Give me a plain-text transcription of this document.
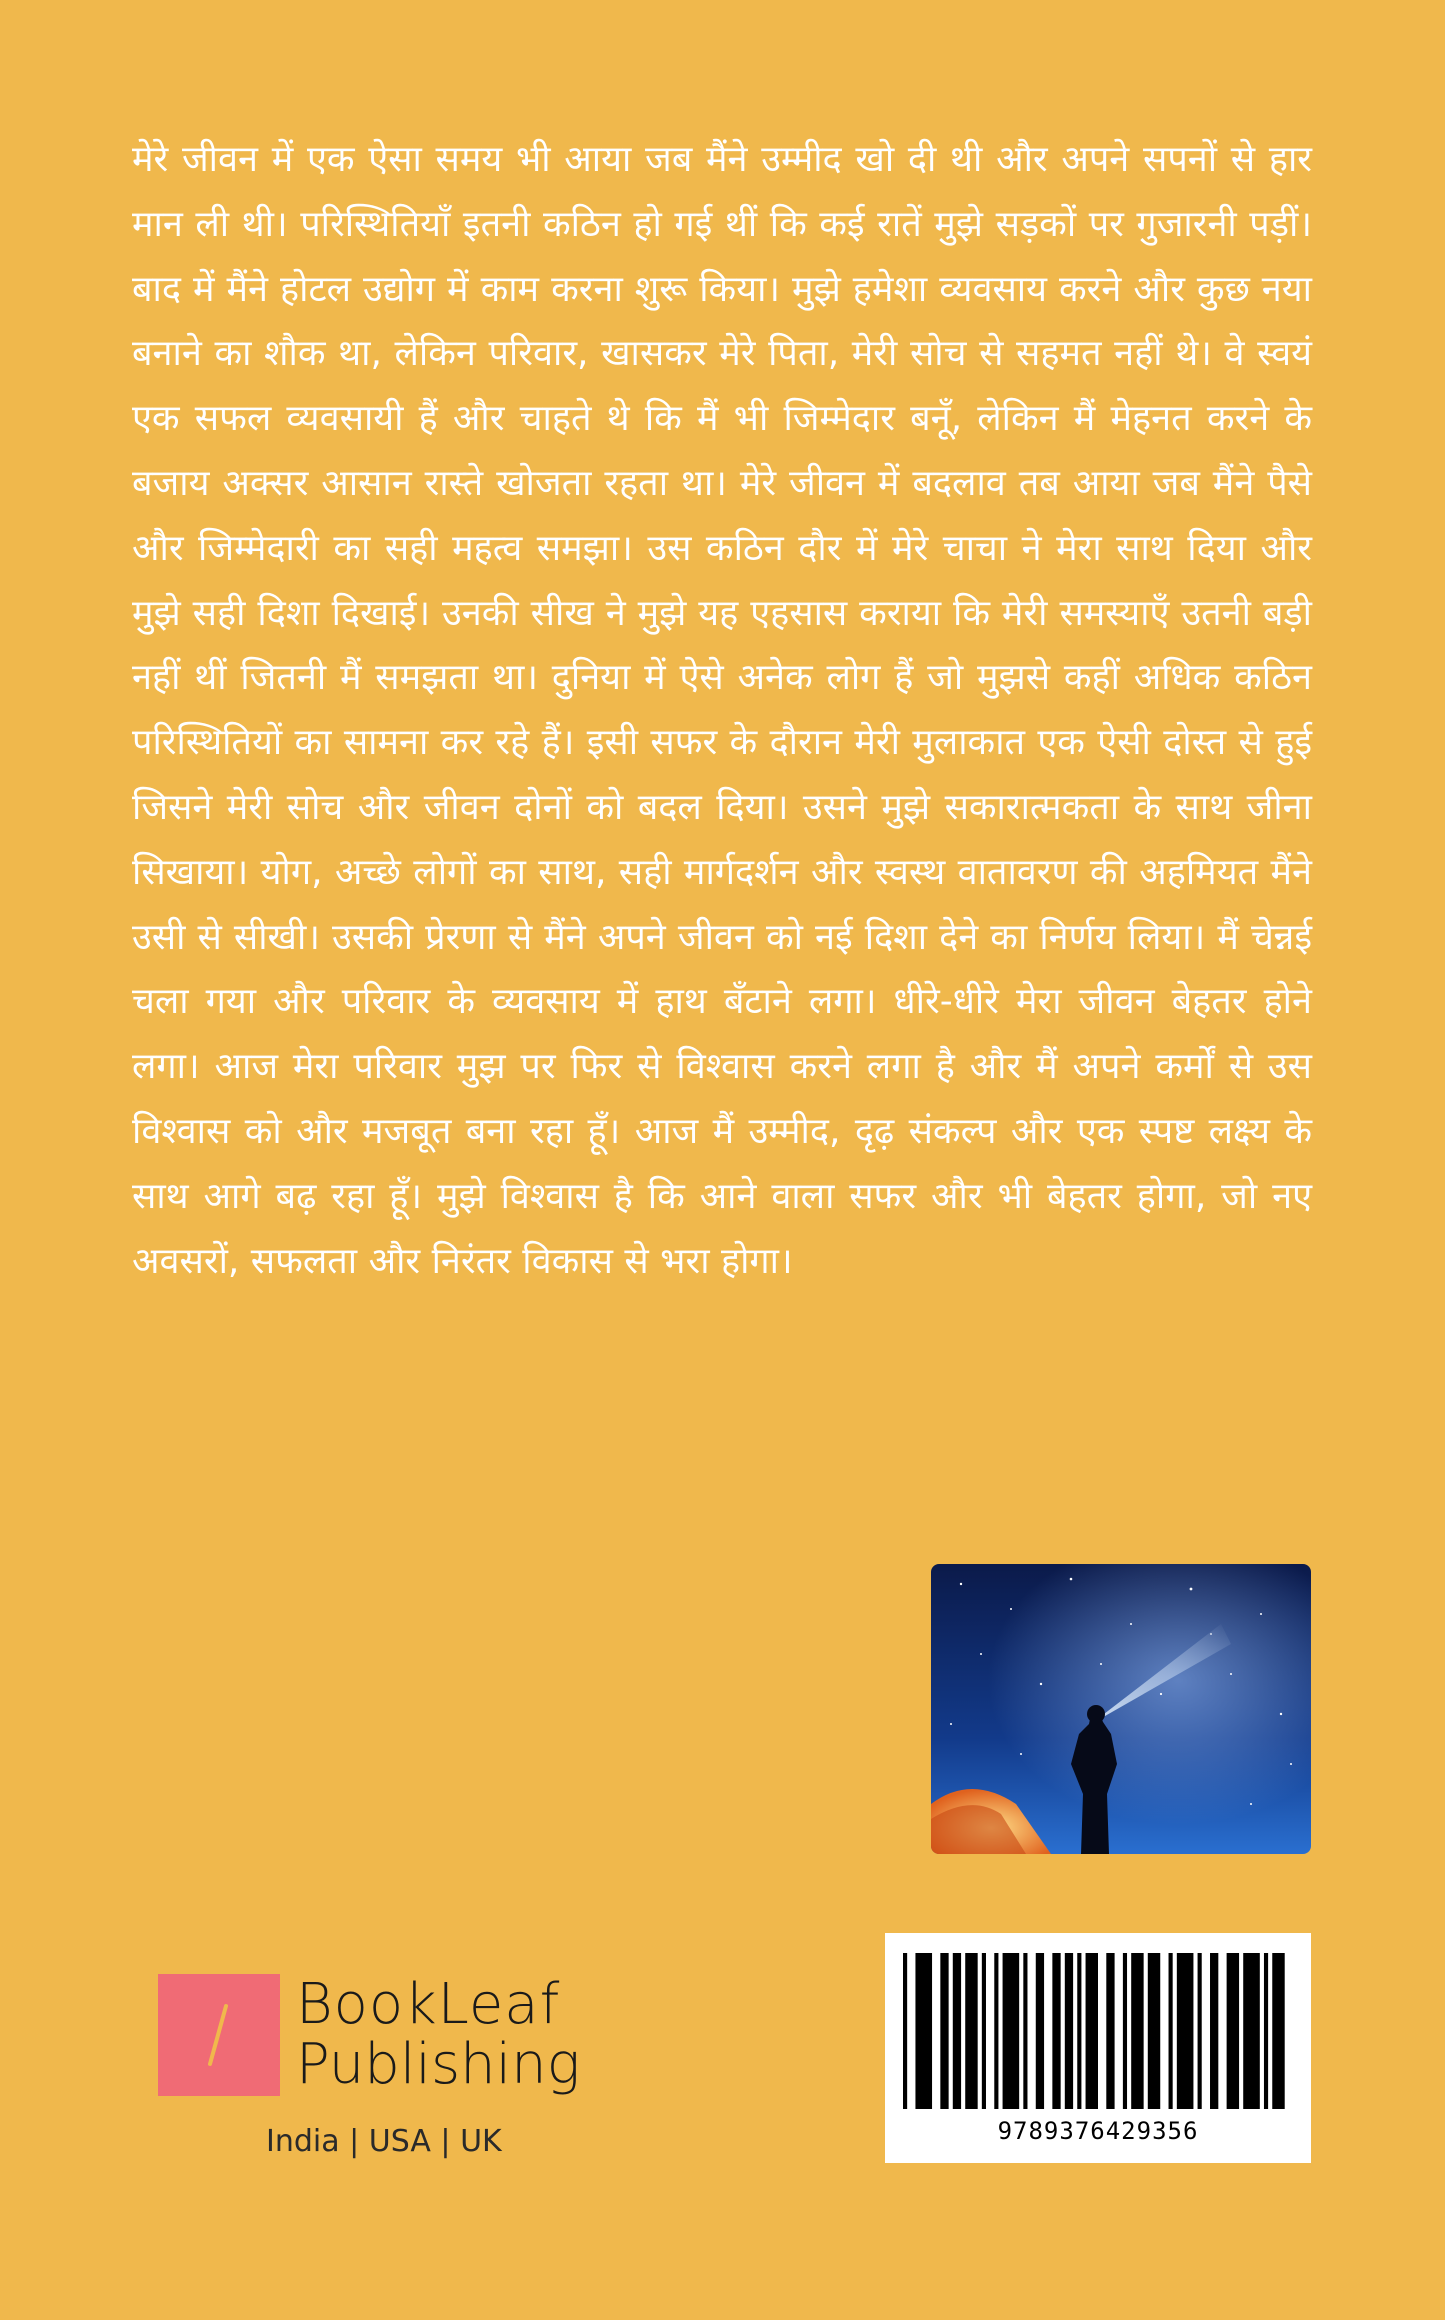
मेरे जीवन में एक ऐसा समय भी आया जब मैंने उम्मीद खो दी थी और अपने सपनों से हार मान ली थी। परिस्थितियाँ इतनी कठिन हो गई थीं कि कई रातें मुझे सड़कों पर गुजारनी पड़ीं। बाद में मैंने होटल उद्योग में काम करना शुरू किया। मुझे हमेशा व्यवसाय करने और कुछ नया बनाने का शौक था, लेकिन परिवार, खासकर मेरे पिता, मेरी सोच से सहमत नहीं थे। वे स्वयं एक सफल व्यवसायी हैं और चाहते थे कि मैं भी जिम्मेदार बनूँ, लेकिन मैं मेहनत करने के बजाय अक्सर आसान रास्ते खोजता रहता था। मेरे जीवन में बदलाव तब आया जब मैंने पैसे और जिम्मेदारी का सही महत्व समझा। उस कठिन दौर में मेरे चाचा ने मेरा साथ दिया और मुझे सही दिशा दिखाई। उनकी सीख ने मुझे यह एहसास कराया कि मेरी समस्याएँ उतनी बड़ी नहीं थीं जितनी मैं समझता था। दुनिया में ऐसे अनेक लोग हैं जो मुझसे कहीं अधिक कठिन परिस्थितियों का सामना कर रहे हैं। इसी सफर के दौरान मेरी मुलाकात एक ऐसी दोस्त से हुई जिसने मेरी सोच और जीवन दोनों को बदल दिया। उसने मुझे सकारात्मकता के साथ जीना सिखाया। योग, अच्छे लोगों का साथ, सही मार्गदर्शन और स्वस्थ वातावरण की अहमियत मैंने उसी से सीखी। उसकी प्रेरणा से मैंने अपने जीवन को नई दिशा देने का निर्णय लिया। मैं चेन्नई चला गया और परिवार के व्यवसाय में हाथ बँटाने लगा। धीरे-धीरे मेरा जीवन बेहतर होने लगा। आज मेरा परिवार मुझ पर फिर से विश्वास करने लगा है और मैं अपने कर्मों से उस विश्वास को और मजबूत बना रहा हूँ। आज मैं उम्मीद, दृढ़ संकल्प और एक स्पष्ट लक्ष्य के साथ आगे बढ़ रहा हूँ। मुझे विश्वास है कि आने वाला सफर और भी बेहतर होगा, जो नए अवसरों, सफलता और निरंतर विकास से भरा होगा।

BookLeaf
Publishing
India | USA | UK	9789376429356
